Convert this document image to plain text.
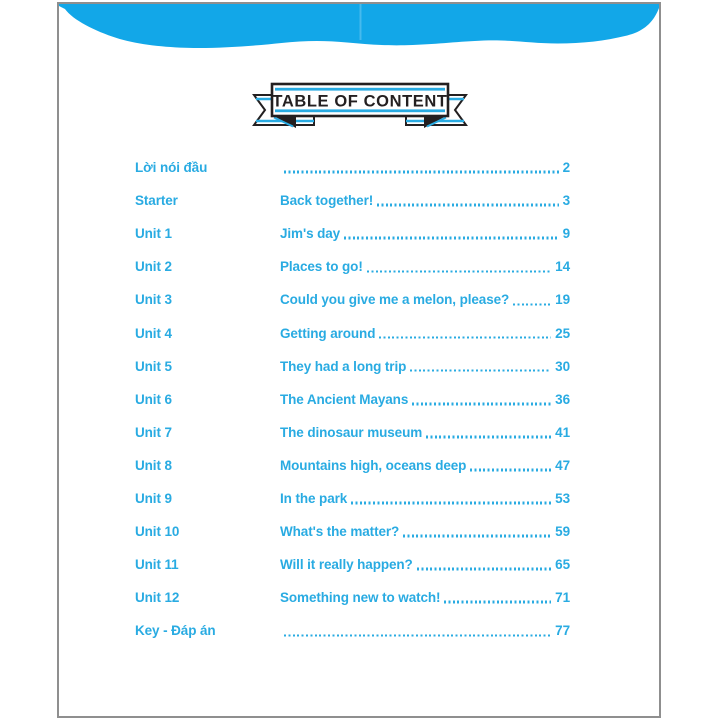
TABLE OF CONTENT
Lời nói đầu	2
Starter	Back together!	3
Unit 1	Jim's day	9
Unit 2	Places to go!	14
Unit 3	Could you give me a melon, please?	19
Unit 4	Getting around	25
Unit 5	They had a long trip	30
Unit 6	The Ancient Mayans	36
Unit 7	The dinosaur museum	41
Unit 8	Mountains high, oceans deep	47
Unit 9	In the park	53
Unit 10	What's the matter?	59
Unit 11	Will it really happen?	65
Unit 12	Something new to watch!	71
Key - Đáp án	77
